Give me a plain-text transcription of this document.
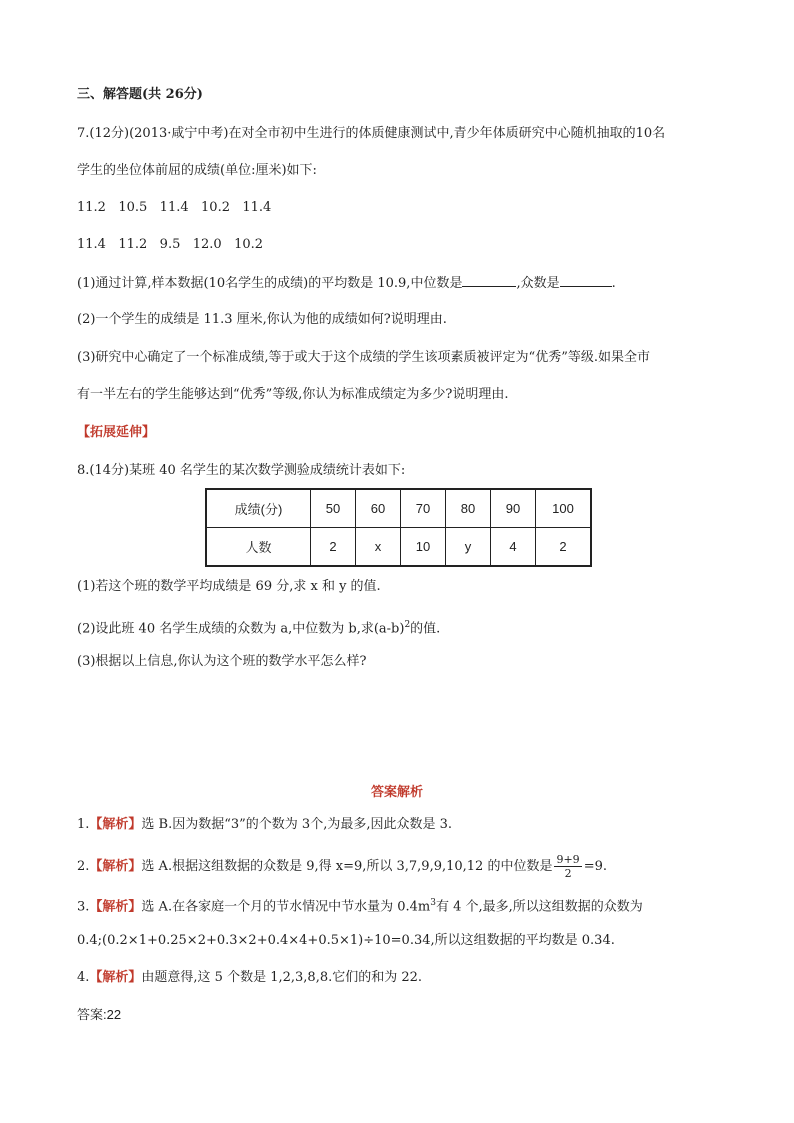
三、解答题(共 26分)
7.(12分)(2013·咸宁中考)在对全市初中生进行的体质健康测试中,青少年体质研究中心随机抽取的10名
学生的坐位体前屈的成绩(单位:厘米)如下:
11.2   10.5   11.4   10.2   11.4
11.4   11.2   9.5   12.0   10.2
(1)通过计算,样本数据(10名学生的成绩)的平均数是 10.9,中位数是	,众数是	.
(2)一个学生的成绩是 11.3 厘米,你认为他的成绩如何?说明理由.
(3)研究中心确定了一个标准成绩,等于或大于这个成绩的学生该项素质被评定为“优秀”等级.如果全市
有一半左右的学生能够达到“优秀”等级,你认为标准成绩定为多少?说明理由.
【拓展延伸】
8.(14分)某班 40 名学生的某次数学测验成绩统计表如下:
成绩(分)	50	60	70	80	90	100
人数	2	x	10	y	4	2
(1)若这个班的数学平均成绩是 69 分,求 x 和 y 的值.
(2)设此班 40 名学生成绩的众数为 a,中位数为 b,求$(a-b)^2$的值.
(3)根据以上信息,你认为这个班的数学水平怎么样?
答案解析
1.【解析】选 B.因为数据“3”的个数为 3个,为最多,因此众数是 3.
2.【解析】选 A.根据这组数据的众数是 9,得 x=9,所以 3,7,9,9,10,12 的中位数是 $\frac{9+9}{2} =9$.
3.【解析】选 A.在各家庭一个月的节水情况中节水量为 $0.4m^3$有 4 个,最多,所以这组数据的众数为
0.4;(0.2×1+0.25×2+0.3×2+0.4×4+0.5×1)÷10=0.34,所以这组数据的平均数是 0.34.
4.【解析】由题意得,这 5 个数是 1,2,3,8,8.它们的和为 22.
答案:22
